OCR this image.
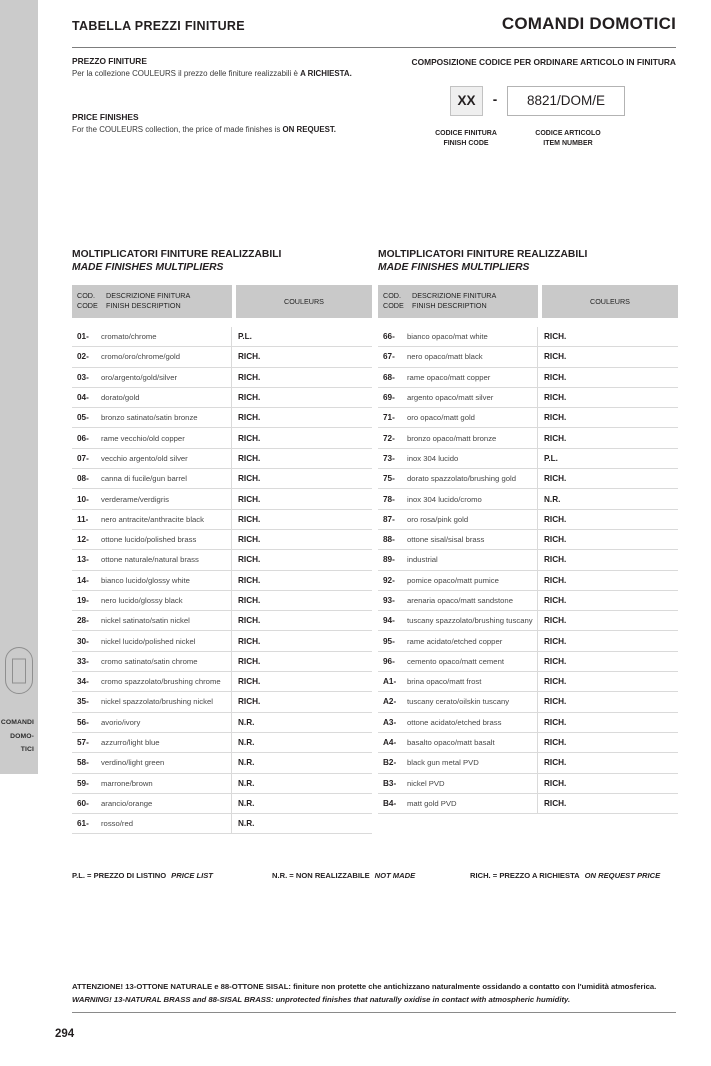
COMANDI
DOMO-
TICI
TABELLA PREZZI FINITURE	COMANDI DOMOTICI
PREZZO FINITURE
Per la collezione COULEURS il prezzo delle finiture realizzabili è A RICHIESTA.
PRICE FINISHES
For the COULEURS collection, the price of made finishes is ON REQUEST.
COMPOSIZIONE CODICE PER ORDINARE ARTICOLO IN FINITURA
XX	-	8821/DOM/E
CODICE FINITURA
FINISH CODE
CODICE ARTICOLO
ITEM NUMBER
MOLTIPLICATORI FINITURE REALIZZABILI
MADE FINISHES MULTIPLIERS
COD.
CODE
DESCRIZIONE FINITURA
FINISH DESCRIPTION	COULEURS
01-	cromato/chrome	P.L.
02-	cromo/oro/chrome/gold	RICH.
03-	oro/argento/gold/silver	RICH.
04-	dorato/gold	RICH.
05-	bronzo satinato/satin bronze	RICH.
06-	rame vecchio/old copper	RICH.
07-	vecchio argento/old silver	RICH.
08-	canna di fucile/gun barrel	RICH.
10-	verderame/verdigris	RICH.
11-	nero antracite/anthracite black	RICH.
12-	ottone lucido/polished brass	RICH.
13-	ottone naturale/natural brass	RICH.
14-	bianco lucido/glossy white	RICH.
19-	nero lucido/glossy black	RICH.
28-	nickel satinato/satin nickel	RICH.
30-	nickel lucido/polished nickel	RICH.
33-	cromo satinato/satin chrome	RICH.
34-	cromo spazzolato/brushing chrome	RICH.
35-	nickel spazzolato/brushing nickel	RICH.
56-	avorio/ivory	N.R.
57-	azzurro/light blue	N.R.
58-	verdino/light green	N.R.
59-	marrone/brown	N.R.
60-	arancio/orange	N.R.
61-	rosso/red	N.R.
MOLTIPLICATORI FINITURE REALIZZABILI
MADE FINISHES MULTIPLIERS
COD.
CODE
DESCRIZIONE FINITURA
FINISH DESCRIPTION	COULEURS
66-	bianco opaco/mat white	RICH.
67-	nero opaco/matt black	RICH.
68-	rame opaco/matt copper	RICH.
69-	argento opaco/matt silver	RICH.
71-	oro opaco/matt gold	RICH.
72-	bronzo opaco/matt bronze	RICH.
73-	inox 304 lucido	P.L.
75-	dorato spazzolato/brushing gold	RICH.
78-	inox 304 lucido/cromo	N.R.
87-	oro rosa/pink gold	RICH.
88-	ottone sisal/sisal brass	RICH.
89-	industrial	RICH.
92-	pomice opaco/matt pumice	RICH.
93-	arenaria opaco/matt sandstone	RICH.
94-	tuscany spazzolato/brushing tuscany	RICH.
95-	rame acidato/etched copper	RICH.
96-	cemento opaco/matt cement	RICH.
A1-	brina opaco/matt frost	RICH.
A2-	tuscany cerato/oilskin tuscany	RICH.
A3-	ottone acidato/etched brass	RICH.
A4-	basalto opaco/matt basalt	RICH.
B2-	black gun metal PVD	RICH.
B3-	nickel PVD	RICH.
B4-	matt gold PVD	RICH.
P.L. = PREZZO DI LISTINO PRICE LIST	N.R. = NON REALIZZABILE NOT MADE	RICH. = PREZZO A RICHIESTA ON REQUEST PRICE
ATTENZIONE! 13-OTTONE NATURALE e 88-OTTONE SISAL: finiture non protette che antichizzano naturalmente ossidando a contatto con l'umidità atmosferica.
WARNING! 13-NATURAL BRASS and 88-SISAL BRASS: unprotected finishes that naturally oxidise in contact with atmospheric humidity.
294
